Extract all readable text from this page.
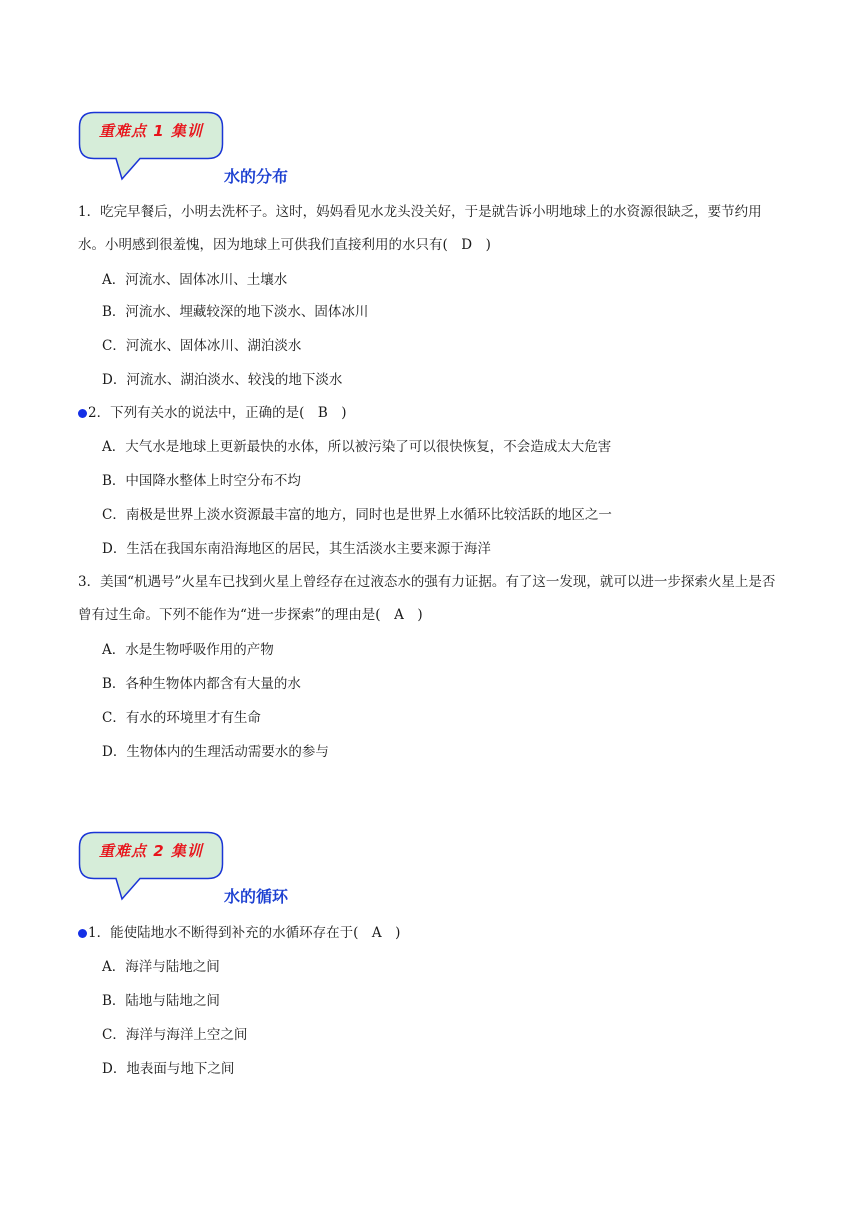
重难点 1 集训
水的分布
1．吃完早餐后，小明去洗杯子。这时，妈妈看见水龙头没关好，于是就告诉小明地球上的水资源很缺乏，要节约用水。小明感到很羞愧，因为地球上可供我们直接利用的水只有(　D　)
A．河流水、固体冰川、土壤水
B．河流水、埋藏较深的地下淡水、固体冰川
C．河流水、固体冰川、湖泊淡水
D．河流水、湖泊淡水、较浅的地下淡水
2．下列有关水的说法中，正确的是(　B　)
A．大气水是地球上更新最快的水体，所以被污染了可以很快恢复，不会造成太大危害
B．中国降水整体上时空分布不均
C．南极是世界上淡水资源最丰富的地方，同时也是世界上水循环比较活跃的地区之一
D．生活在我国东南沿海地区的居民，其生活淡水主要来源于海洋
3．美国“机遇号”火星车已找到火星上曾经存在过液态水的强有力证据。有了这一发现，就可以进一步探索火星上是否曾有过生命。下列不能作为“进一步探索”的理由是(　A　)
A．水是生物呼吸作用的产物
B．各种生物体内都含有大量的水
C．有水的环境里才有生命
D．生物体内的生理活动需要水的参与
重难点 2 集训
水的循环
1．能使陆地水不断得到补充的水循环存在于(　A　)
A．海洋与陆地之间
B．陆地与陆地之间
C．海洋与海洋上空之间
D．地表面与地下之间
